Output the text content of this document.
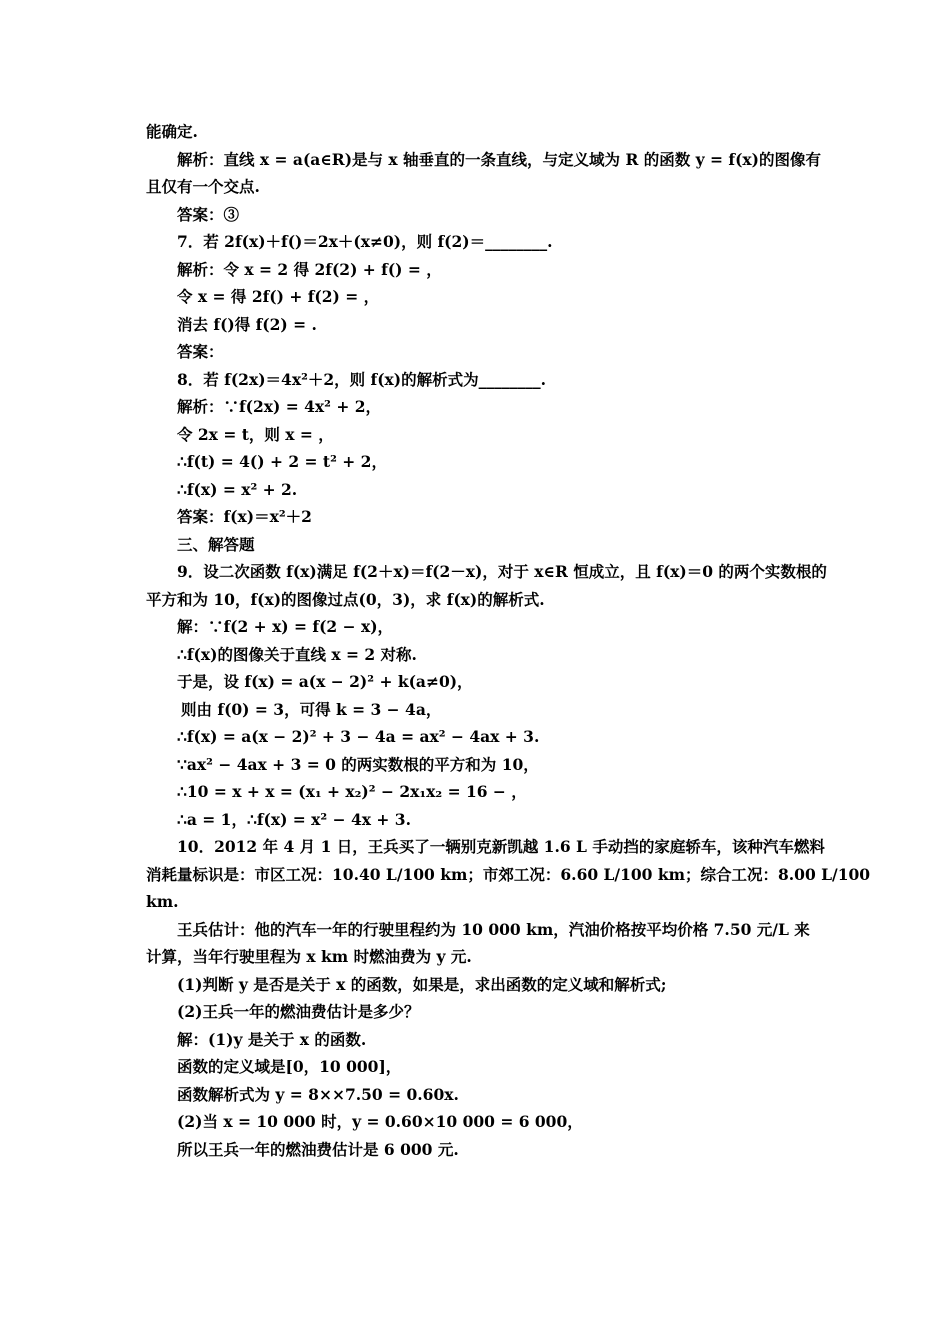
能确定.
解析：直线 x = a(a∈R)是与 x 轴垂直的一条直线，与定义域为 R 的函数 y = f(x)的图像有
且仅有一个交点.
答案：③
7．若 2f(x)＋f()＝2x＋(x≠0)，则 f(2)＝________.
解析：令 x = 2 得 2f(2) + f() = ，
令 x = 得 2f() + f(2) = ，
消去 f()得 f(2) = .
答案：
8．若 f(2x)＝4x²＋2，则 f(x)的解析式为________.
解析：∵f(2x) = 4x² + 2，
令 2x = t，则 x = ，
∴f(t) = 4() + 2 = t² + 2，
∴f(x) = x² + 2.
答案：f(x)＝x²＋2
三、解答题
9．设二次函数 f(x)满足 f(2＋x)＝f(2－x)，对于 x∈R 恒成立，且 f(x)＝0 的两个实数根的
平方和为 10，f(x)的图像过点(0，3)，求 f(x)的解析式.
解：∵f(2 + x) = f(2 − x)，
∴f(x)的图像关于直线 x = 2 对称.
于是，设 f(x) = a(x − 2)² + k(a≠0)，
则由 f(0) = 3，可得 k = 3 − 4a，
∴f(x) = a(x − 2)² + 3 − 4a = ax² − 4ax + 3.
∵ax² − 4ax + 3 = 0 的两实数根的平方和为 10，
∴10 = x + x = (x₁ + x₂)² − 2x₁x₂ = 16 − ，
∴a = 1，∴f(x) = x² − 4x + 3.
10．2012 年 4 月 1 日，王兵买了一辆别克新凯越 1.6 L 手动挡的家庭轿车，该种汽车燃料
消耗量标识是：市区工况：10.40 L/100 km；市郊工况：6.60 L/100 km；综合工况：8.00 L/100
km.
王兵估计：他的汽车一年的行驶里程约为 10 000 km，汽油价格按平均价格 7.50 元/L 来
计算，当年行驶里程为 x km 时燃油费为 y 元.
(1)判断 y 是否是关于 x 的函数，如果是，求出函数的定义域和解析式;
(2)王兵一年的燃油费估计是多少？
解：(1)y 是关于 x 的函数.
函数的定义域是[0，10 000]，
函数解析式为 y = 8××7.50 = 0.60x.
(2)当 x = 10 000 时，y = 0.60×10 000 = 6 000，
所以王兵一年的燃油费估计是 6 000 元.
